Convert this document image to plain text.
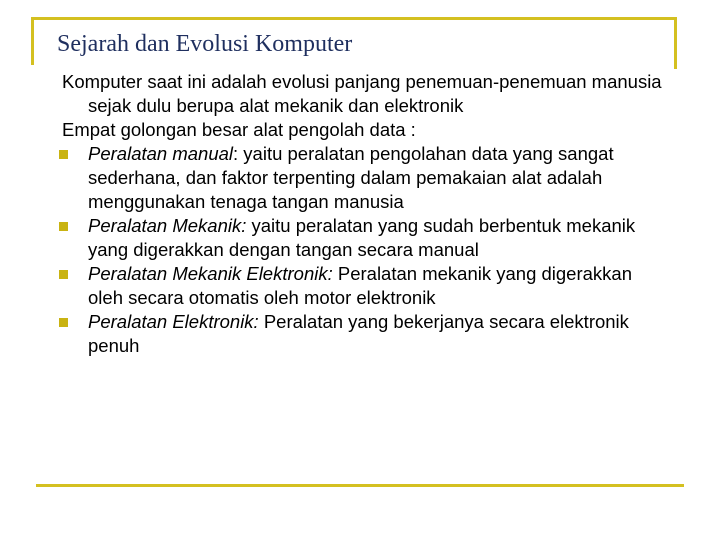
Sejarah dan Evolusi Komputer

Komputer saat ini adalah evolusi panjang penemuan-penemuan manusia sejak dulu berupa alat mekanik dan elektronik

Empat golongan besar alat pengolah data :

Peralatan manual: yaitu peralatan pengolahan data yang sangat sederhana, dan faktor terpenting dalam pemakaian alat adalah menggunakan tenaga tangan manusia
Peralatan Mekanik: yaitu peralatan yang sudah berbentuk mekanik yang digerakkan dengan tangan secara manual
Peralatan Mekanik Elektronik: Peralatan mekanik yang digerakkan oleh secara otomatis oleh motor elektronik
Peralatan Elektronik: Peralatan yang bekerjanya secara elektronik penuh
